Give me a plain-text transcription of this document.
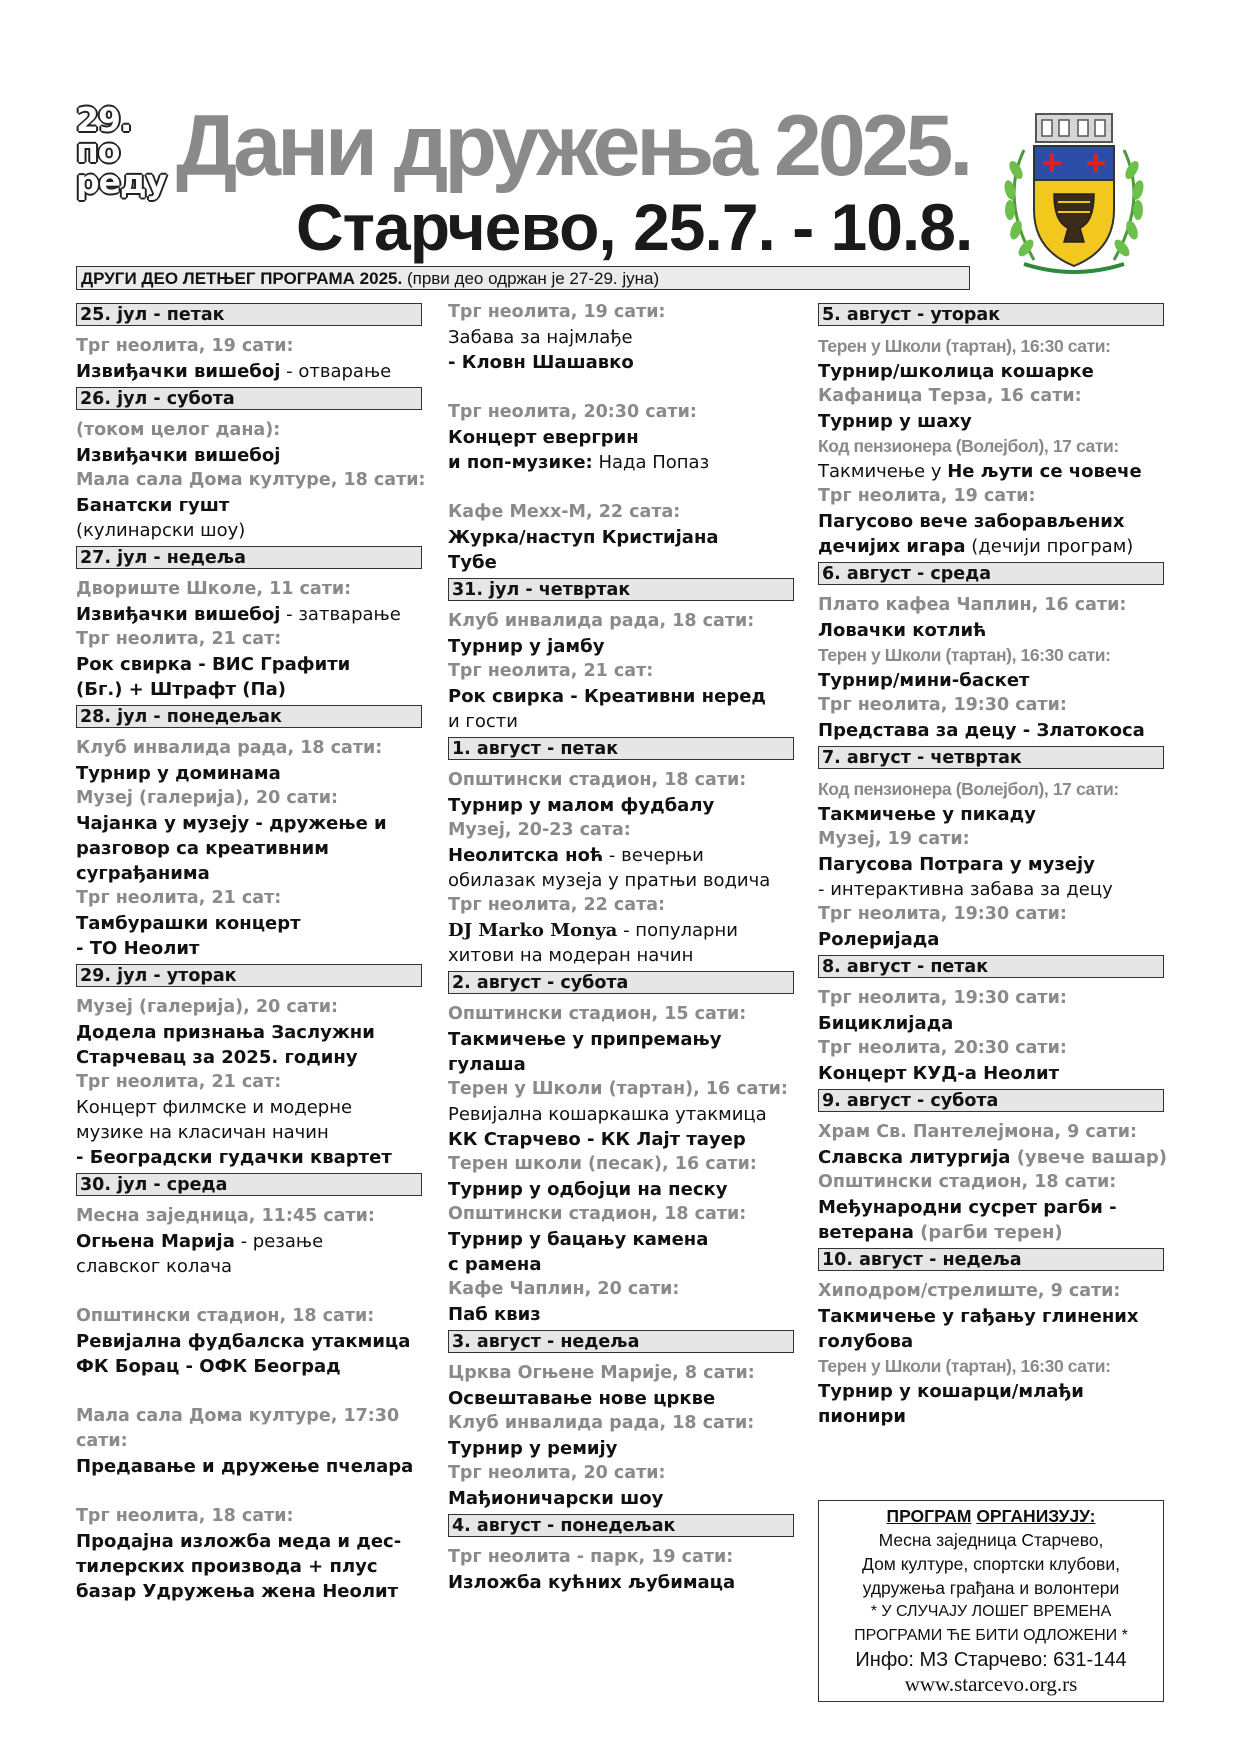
29.
по
реду Дани дружења 2025.
Старчево, 25.7. - 10.8.
ДРУГИ ДЕО ЛЕТЊЕГ ПРОГРАМА 2025. (први део одржан је 27-29. јуна)
25. јул - петак
Трг неолита, 19 сати:
Извиђачки вишебој - отварање
26. јул - субота
(током целог дана):
Извиђачки вишебој
Мала сала Дома културе, 18 сати:
Банатски гушт
(кулинарски шоу)
27. јул - недеља
Двориште Школе, 11 сати:
Извиђачки вишебој - затварање
Трг неолита, 21 сат:
Рок свирка - ВИС Графити
(Бг.) + Штрафт (Па)
28. јул - понедељак
Клуб инвалида рада, 18 сати:
Турнир у доминама
Музеј (галерија), 20 сати:
Чајанка у музеју - дружење и
разговор са креативним
суграђанима
Трг неолита, 21 сат:
Тамбурашки концерт
- ТО Неолит
29. јул - уторак
Музеј (галерија), 20 сати:
Додела признања Заслужни
Старчевац за 2025. годину
Трг неолита, 21 сат:
Концерт филмске и модерне
музике на класичан начин
- Београдски гудачки квартет
30. јул - среда
Месна заједница, 11:45 сати:
Огњена Марија - резање
славског колача
Општински стадион, 18 сати:
Ревијална фудбалска утакмица
ФК Борац - ОФК Београд
Мала сала Дома културе, 17:30 сати:
Предавање и дружење пчелара
Трг неолита, 18 сати:
Продајна изложба меда и дес-
тилерских производа + плус
базар Удружења жена Неолит
Трг неолита, 19 сати:
Забава за најмлађе
- Кловн Шашавко
Трг неолита, 20:30 сати:
Концерт евергрин
и поп-музике: Нада Попаз
Кафе Мехх-М, 22 сата:
Журка/наступ Кристијана
Тубе
31. јул - четвртак
Клуб инвалида рада, 18 сати:
Турнир у јамбу
Трг неолита, 21 сат:
Рок свирка - Креативни неред
и гости
1. август - петак
Општински стадион, 18 сати:
Турнир у малом фудбалу
Музеј, 20-23 сата:
Неолитска ноћ - вечерњи
обилазак музеја у пратњи водича
Трг неолита, 22 сата:
DJ Marko Monya - популарни
хитови на модеран начин
2. август - субота
Општински стадион, 15 сати:
Такмичење у припремању
гулаша
Терен у Школи (тартан), 16 сати:
Ревијална кошаркашка утакмица
КК Старчево - КК Лајт тауер
Терен школи (песак), 16 сати:
Турнир у одбојци на песку
Општински стадион, 18 сати:
Турнир у бацању камена
с рамена
Кафе Чаплин, 20 сати:
Паб квиз
3. август - недеља
Црква Огњене Марије, 8 сати:
Освештавање нове цркве
Клуб инвалида рада, 18 сати:
Турнир у ремију
Трг неолита, 20 сати:
Мађионичарски шоу
4. август - понедељак
Трг неолита - парк, 19 сати:
Изложба кућних љубимаца
5. август - уторак
Терен у Школи (тартан), 16:30 сати:
Турнир/школица кошарке
Кафаница Терза, 16 сати:
Турнир у шаху
Код пензионера (Волејбол), 17 сати:
Такмичење у Не љути се човече
Трг неолита, 19 сати:
Пагусово вече заборављених
дечијих игара (дечији програм)
6. август - среда
Плато кафеа Чаплин, 16 сати:
Ловачки котлић
Терен у Школи (тартан), 16:30 сати:
Турнир/мини-баскет
Трг неолита, 19:30 сати:
Представа за децу - Златокоса
7. август - четвртак
Код пензионера (Волејбол), 17 сати:
Такмичење у пикаду
Музеј, 19 сати:
Пагусова Потрага у музеју
- интерактивна забава за децу
Трг неолита, 19:30 сати:
Ролеријада
8. август - петак
Трг неолита, 19:30 сати:
Бициклијада
Трг неолита, 20:30 сати:
Концерт КУД-а Неолит
9. август - субота
Храм Св. Пантелејмона, 9 сати:
Славска литургија (увече вашар)
Општински стадион, 18 сати:
Међународни сусрет рагби -
ветерана (рагби терен)
10. август - недеља
Хиподром/стрелиште, 9 сати:
Такмичење у гађању глинених
голубова
Терен у Школи (тартан), 16:30 сати:
Турнир у кошарци/млађи пионири
ПРОГРАМ ОРГАНИЗУЈУ:
Месна заједница Старчево,
Дом културе, спортски клубови,
удружења грађана и волонтери
* У СЛУЧАЈУ ЛОШЕГ ВРЕМЕНА
ПРОГРАМИ ЋЕ БИТИ ОДЛОЖЕНИ *
Инфо: МЗ Старчево: 631-144
www.starcevo.org.rs
